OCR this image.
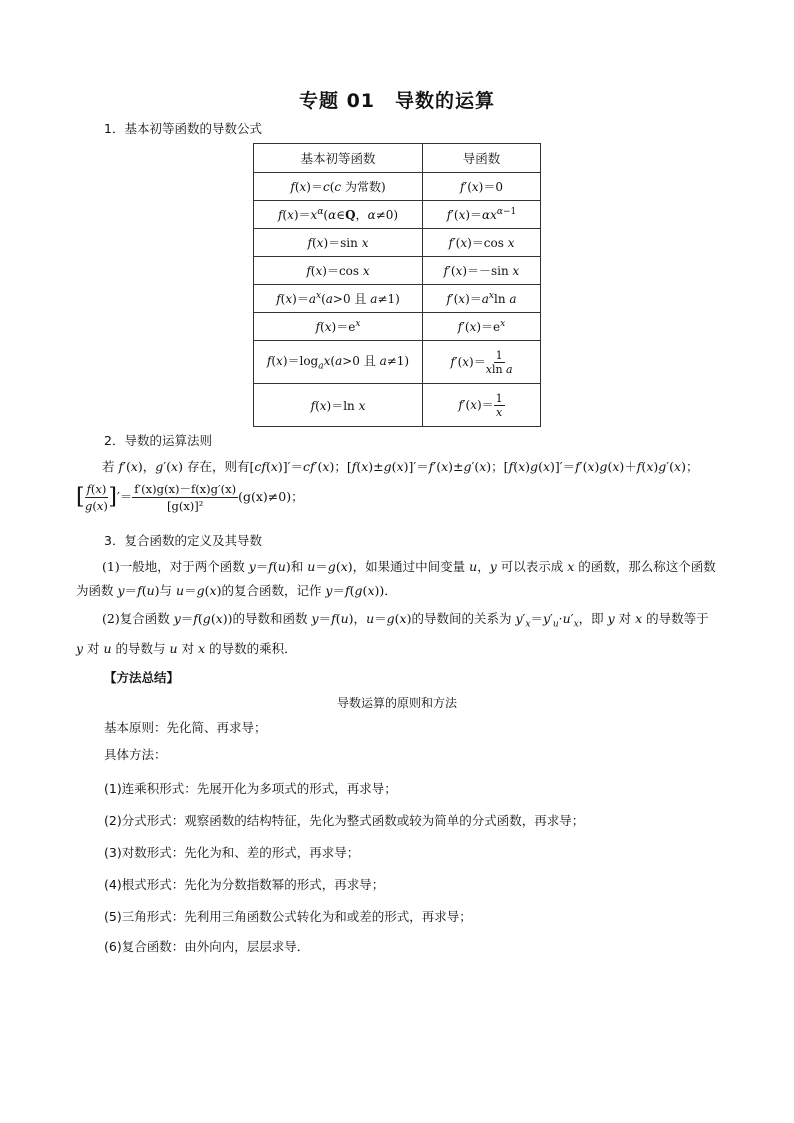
专题 01　导数的运算
1．基本初等函数的导数公式
基本初等函数	导函数
f(x)＝c(c 为常数)	f′(x)＝0
$f(x)=x^\alpha(\alpha\in Q$，α≠0)	$f'(x)=\alpha x^{\alpha-1}$
f(x)＝sin x	f′(x)＝cos x
f(x)＝cos x	f′(x)＝－sin x
$f(x)=a^x(a>0$ 且 a≠1)	$f'(x)=a^x\ln$ a
$f(x)=e^x$	$f'(x)=e^x$
$f(x)=\log_ax(a>0$ 且 a≠1)	$f'(x)= \frac{1}{\text{xln a}}$

f(x)＝ln x	$f'(x)= \frac{1}{x}$
2．导数的运算法则
若 f′(x)，g′(x) 存在，则有[cf(x)]′＝cf′(x)；[f(x)±g(x)]′＝f′(x)±g′(x)；[f(x)g(x)]′＝f′(x)g(x)＋f(x)g′(x)；
[ $\frac{f(x)}{g(x)}$ ]′＝ $\frac{f'(x)g(x)-f(x)g'(x)}{\text{[g(x)]²}} (g(x)\ne 0)$；
3．复合函数的定义及其导数
(1)一般地，对于两个函数 y＝f(u)和 u＝g(x)，如果通过中间变量 u，y 可以表示成 x 的函数，那么称这个函数为函数 y＝f(u)与 u＝g(x)的复合函数，记作 y＝f(g(x))．
(2)复合函数 y＝f(g(x))的导数和函数 y＝f(u)，u＝g(x)的导数间的关系为 $y'_x=y'_u\cdot u'_x$，即 y 对 x 的导数等于 y 对 u 的导数与 u 对 x 的导数的乘积．
【方法总结】
导数运算的原则和方法
基本原则：先化简、再求导；
具体方法：
(1)连乘积形式：先展开化为多项式的形式，再求导；
(2)分式形式：观察函数的结构特征，先化为整式函数或较为简单的分式函数，再求导；
(3)对数形式：先化为和、差的形式，再求导；
(4)根式形式：先化为分数指数幂的形式，再求导；
(5)三角形式：先利用三角函数公式转化为和或差的形式，再求导；
(6)复合函数：由外向内，层层求导．
